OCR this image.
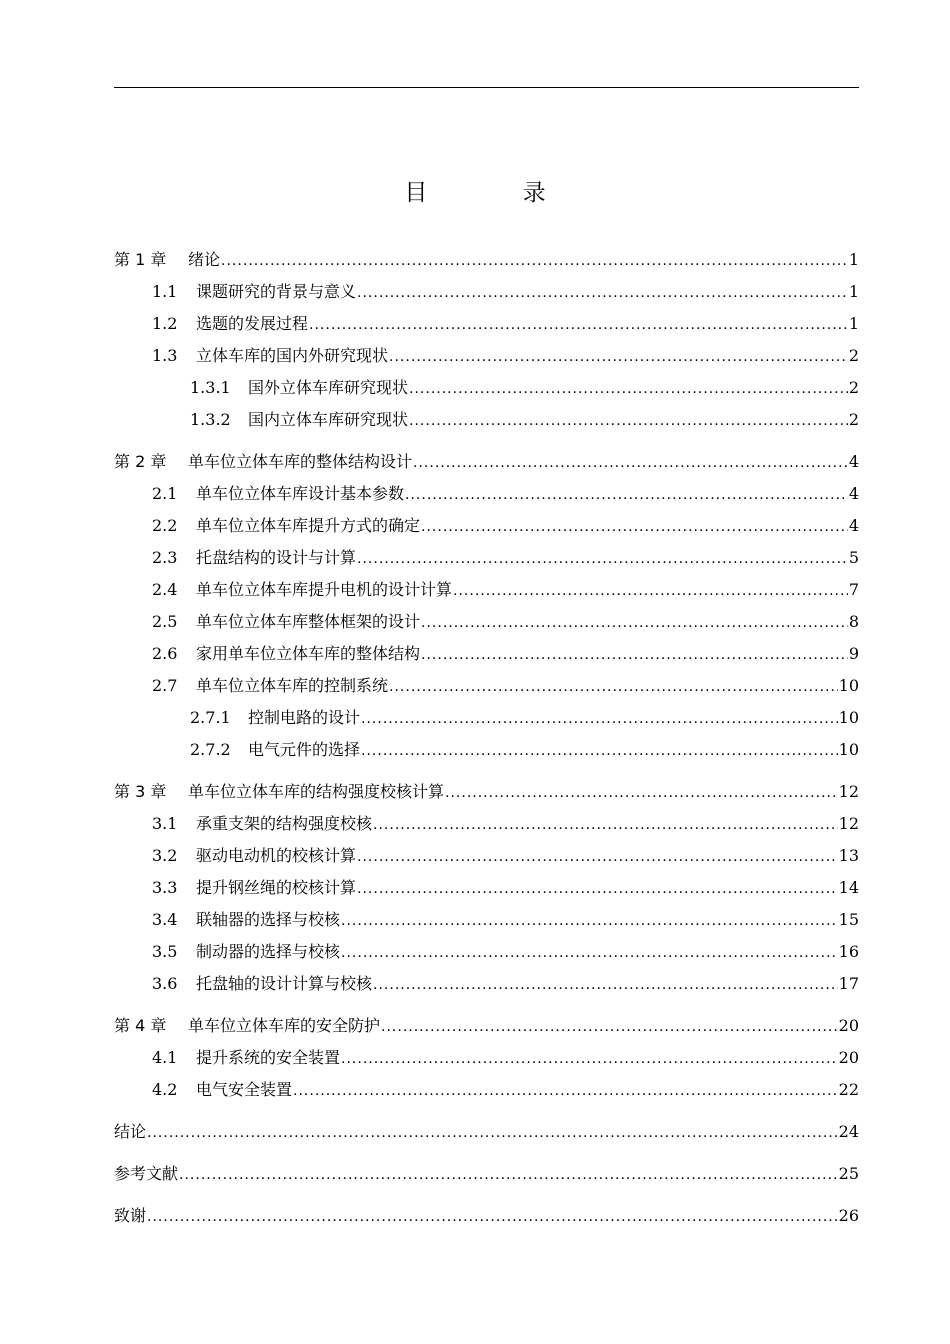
目 录
第 1 章	绪论 .....	1
1.1	课题研究的背景与意义 .....	1
1.2	选题的发展过程 .....	1
1.3	立体车库的国内外研究现状 .....	2
1.3.1	国外立体车库研究现状 .....	2
1.3.2	国内立体车库研究现状 .....	2
第 2 章	单车位立体车库的整体结构设计 .....	4
2.1	单车位立体车库设计基本参数 .....	4
2.2	单车位立体车库提升方式的确定 .....	4
2.3	托盘结构的设计与计算 .....	5
2.4	单车位立体车库提升电机的设计计算 .....	7
2.5	单车位立体车库整体框架的设计 .....	8
2.6	家用单车位立体车库的整体结构 .....	9
2.7	单车位立体车库的控制系统 .....	10
2.7.1	控制电路的设计 .....	10
2.7.2	电气元件的选择 .....	10
第 3 章	单车位立体车库的结构强度校核计算 .....	12
3.1	承重支架的结构强度校核 .....	12
3.2	驱动电动机的校核计算 .....	13
3.3	提升钢丝绳的校核计算 .....	14
3.4	联轴器的选择与校核 .....	15
3.5	制动器的选择与校核 .....	16
3.6	托盘轴的设计计算与校核 .....	17
第 4 章	单车位立体车库的安全防护 .....	20
4.1	提升系统的安全装置 .....	20
4.2	电气安全装置 .....	22
结论 .....	24
参考文献 .....	25
致谢 .....	26
